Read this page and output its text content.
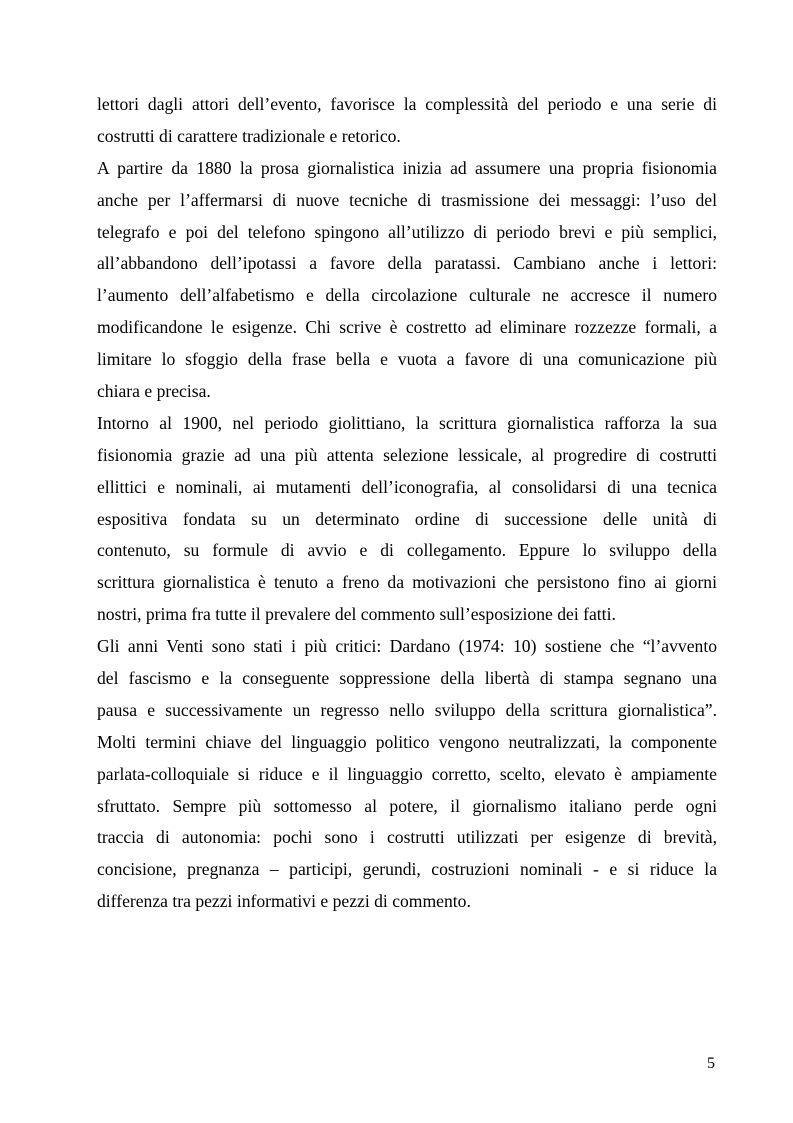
lettori dagli attori dell’evento, favorisce la complessità del periodo e una serie di
costrutti di carattere tradizionale e retorico.
A partire da 1880 la prosa giornalistica inizia ad assumere una propria fisionomia
anche per l’affermarsi di nuove tecniche di trasmissione dei messaggi: l’uso del
telegrafo e poi del telefono spingono all’utilizzo di periodo brevi e più semplici,
all’abbandono dell’ipotassi a favore della paratassi. Cambiano anche i lettori:
l’aumento dell’alfabetismo e della circolazione culturale ne accresce il numero
modificandone le esigenze. Chi scrive è costretto ad eliminare rozzezze formali, a
limitare lo sfoggio della frase bella e vuota a favore di una comunicazione più
chiara e precisa.
Intorno al 1900, nel periodo giolittiano, la scrittura giornalistica rafforza la sua
fisionomia grazie ad una più attenta selezione lessicale, al progredire di costrutti
ellittici e nominali, ai mutamenti dell’iconografia, al consolidarsi di una tecnica
espositiva fondata su un determinato ordine di successione delle unità di
contenuto, su formule di avvio e di collegamento. Eppure lo sviluppo della
scrittura giornalistica è tenuto a freno da motivazioni che persistono fino ai giorni
nostri, prima fra tutte il prevalere del commento sull’esposizione dei fatti.
Gli anni Venti sono stati i più critici: Dardano (1974: 10) sostiene che “l’avvento
del fascismo e la conseguente soppressione della libertà di stampa segnano una
pausa e successivamente un regresso nello sviluppo della scrittura giornalistica”.
Molti termini chiave del linguaggio politico vengono neutralizzati, la componente
parlata-colloquiale si riduce e il linguaggio corretto, scelto, elevato è ampiamente
sfruttato. Sempre più sottomesso al potere, il giornalismo italiano perde ogni
traccia di autonomia: pochi sono i costrutti utilizzati per esigenze di brevità,
concisione, pregnanza – participi, gerundi, costruzioni nominali - e si riduce la
differenza tra pezzi informativi e pezzi di commento.
5
